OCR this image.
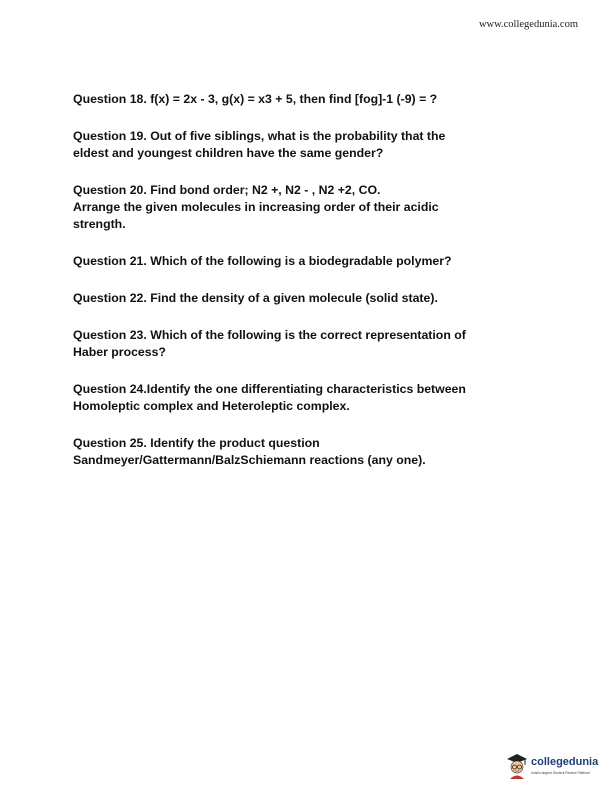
www.collegedunia.com
Question 18. f(x) = 2x - 3, g(x) = x3 + 5, then find [fog]-1 (-9) = ?
Question 19. Out of five siblings, what is the probability that the
eldest and youngest children have the same gender?
Question 20. Find bond order; N2 +, N2 - , N2 +2, CO.
Arrange the given molecules in increasing order of their acidic
strength.
Question 21. Which of the following is a biodegradable polymer?
Question 22. Find the density of a given molecule (solid state).
Question 23. Which of the following is the correct representation of
Haber process?
Question 24.Identify the one differentiating characteristics between
Homoleptic complex and Heteroleptic complex.
Question 25. Identify the product question
Sandmeyer/Gattermann/BalzSchiemann reactions (any one).
collegedunia
India's largest Student Review Platform
